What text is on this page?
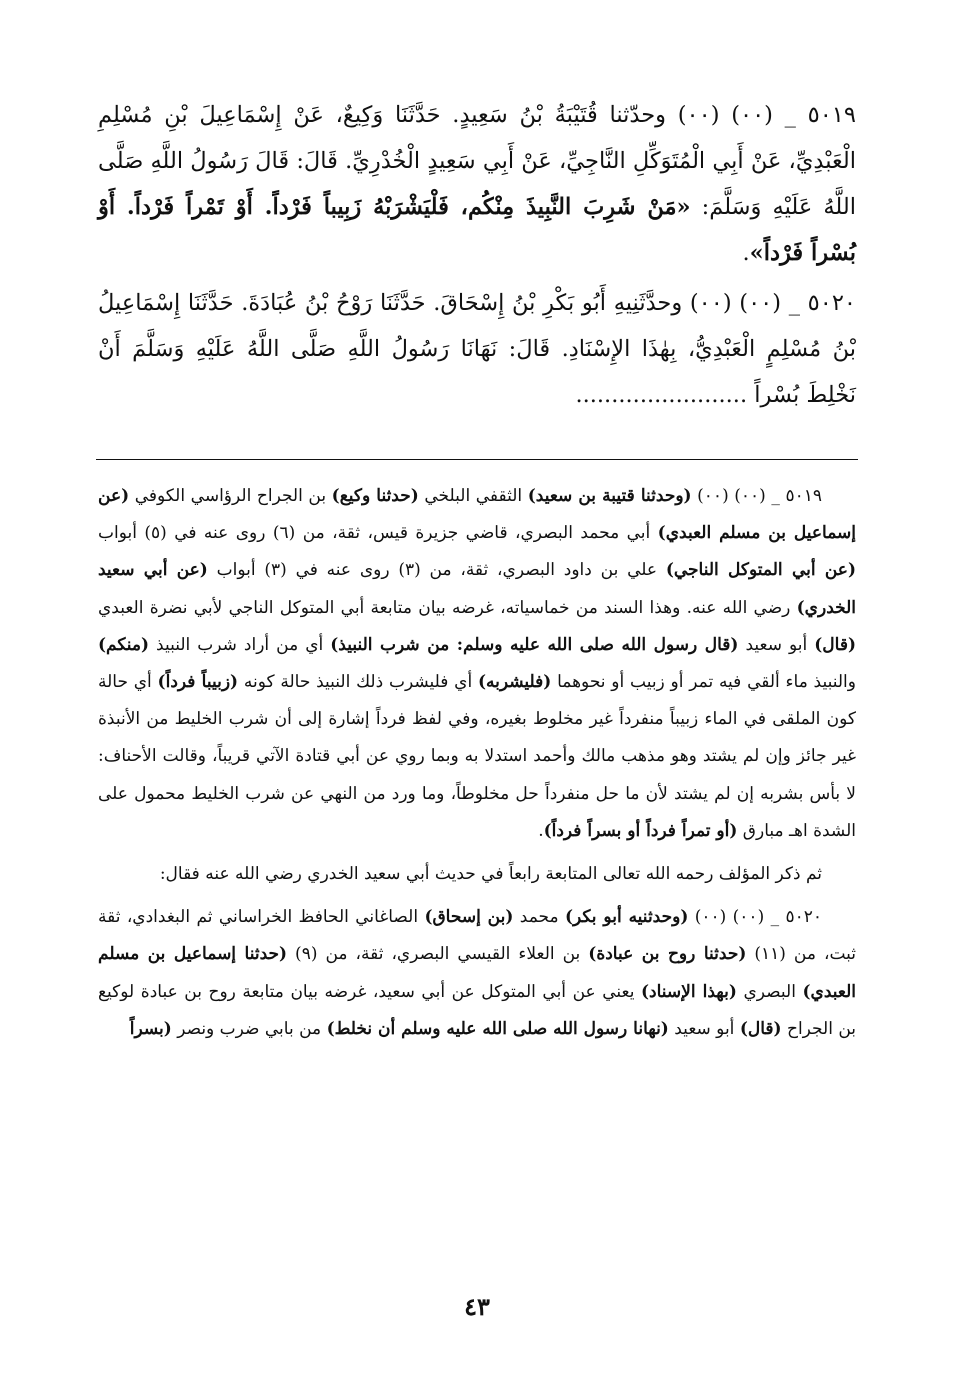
٥٠١٩ _ (٠٠) (٠٠) وحدّثنا قُتَيْبَةُ بْنُ سَعِيدٍ. حَدَّثَنَا وَكِيعٌ، عَنْ إِسْمَاعِيلَ بْنِ مُسْلِمِ الْعَبْدِيِّ، عَنْ أَبِي الْمُتَوَكِّلِ النَّاجِيِّ، عَنْ أَبِي سَعِيدٍ الْخُدْرِيِّ. قَالَ: قَالَ رَسُولُ اللَّهِ صَلَّى اللَّهُ عَلَيْهِ وَسَلَّمَ: «مَنْ شَرِبَ النَّبِيذَ مِنْكُم، فَلْيَشْرَبْهُ زَبِيباً فَرْداً. أَوْ تَمْراً فَرْداً. أَوْ بُسْراً فَرْداً».

٥٠٢٠ _ (٠٠) (٠٠) وحدَّثَنِيهِ أَبُو بَكْرِ بْنُ إِسْحَاقَ. حَدَّثَنَا رَوْحُ بْنُ عُبَادَةَ. حَدَّثَنَا إِسْمَاعِيلُ بْنُ مُسْلِمٍ الْعَبْدِيُّ، بِهٰذَا الإِسْنَادِ. قَالَ: نَهَانَا رَسُولُ اللَّهِ صَلَّى اللَّهُ عَلَيْهِ وَسَلَّمَ أَنْ نَخْلِطَ بُسْراً ........................

٥٠١٩ _ (٠٠) (٠٠) (وحدثنا قتيبة بن سعيد) الثقفي البلخي (حدثنا وكيع) بن الجراح الرؤاسي الكوفي (عن إسماعيل بن مسلم العبدي) أبي محمد البصري، قاضي جزيرة قيس، ثقة، من (٦) روى عنه في (٥) أبواب (عن أبي المتوكل الناجي) علي بن داود البصري، ثقة، من (٣) روى عنه في (٣) أبواب (عن أبي سعيد الخدري) رضي الله عنه. وهذا السند من خماسياته، غرضه بيان متابعة أبي المتوكل الناجي لأبي نضرة العبدي (قال) أبو سعيد (قال رسول الله صلى الله عليه وسلم: من شرب النبيذ) أي من أراد شرب النبيذ (منكم) والنبيذ ماء ألقي فيه تمر أو زبيب أو نحوهما (فليشربه) أي فليشرب ذلك النبيذ حالة كونه (زبيباً فرداً) أي حالة كون الملقى في الماء زبيباً منفرداً غير مخلوط بغيره، وفي لفظ فرداً إشارة إلى أن شرب الخليط من الأنبذة غير جائز وإن لم يشتد وهو مذهب مالك وأحمد استدلا به وبما روي عن أبي قتادة الآتي قريباً، وقالت الأحناف: لا بأس بشربه إن لم يشتد لأن ما حل منفرداً حل مخلوطاً، وما ورد من النهي عن شرب الخليط محمول على الشدة اهـ مبارق (أو تمراً فرداً أو بسراً فرداً).

ثم ذكر المؤلف رحمه الله تعالى المتابعة رابعاً في حديث أبي سعيد الخدري رضي الله عنه فقال:

٥٠٢٠ _ (٠٠) (٠٠) (وحدثنيه أبو بكر) محمد (بن إسحاق) الصاغاني الحافظ الخراساني ثم البغدادي، ثقة ثبت، من (١١) (حدثنا روح بن عبادة) بن العلاء القيسي البصري، ثقة، من (٩) (حدثنا إسماعيل بن مسلم العبدي) البصري (بهذا الإسناد) يعني عن أبي المتوكل عن أبي سعيد، غرضه بيان متابعة روح بن عبادة لوكيع بن الجراح (قال) أبو سعيد (نهانا رسول الله صلى الله عليه وسلم أن نخلط) من بابي ضرب ونصر (بسراً

٤٣
